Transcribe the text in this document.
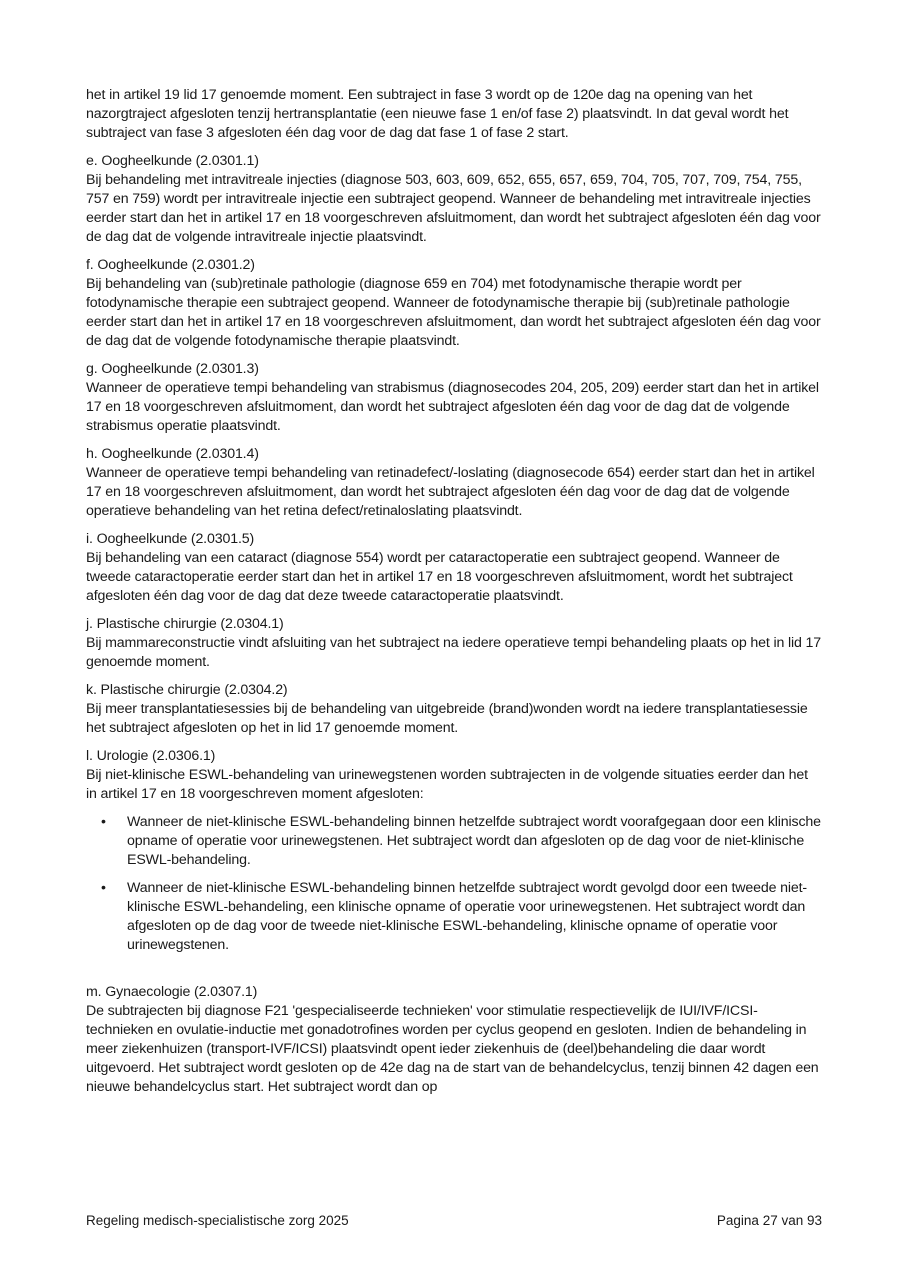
het in artikel 19 lid 17 genoemde moment. Een subtraject in fase 3 wordt op de 120e dag na opening van het nazorgtraject afgesloten tenzij hertransplantatie (een nieuwe fase 1 en/of fase 2) plaatsvindt. In dat geval wordt het subtraject van fase 3 afgesloten één dag voor de dag dat fase 1 of fase 2 start.

e. Oogheelkunde (2.0301.1)

Bij behandeling met intravitreale injecties (diagnose 503, 603, 609, 652, 655, 657, 659, 704, 705, 707, 709, 754, 755, 757 en 759) wordt per intravitreale injectie een subtraject geopend. Wanneer de behandeling met intravitreale injecties eerder start dan het in artikel 17 en 18 voorgeschreven afsluitmoment, dan wordt het subtraject afgesloten één dag voor de dag dat de volgende intravitreale injectie plaatsvindt.

f. Oogheelkunde (2.0301.2)

Bij behandeling van (sub)retinale pathologie (diagnose 659 en 704) met fotodynamische therapie wordt per fotodynamische therapie een subtraject geopend. Wanneer de fotodynamische therapie bij (sub)retinale pathologie eerder start dan het in artikel 17 en 18 voorgeschreven afsluitmoment, dan wordt het subtraject afgesloten één dag voor de dag dat de volgende fotodynamische therapie plaatsvindt.

g. Oogheelkunde (2.0301.3)

Wanneer de operatieve tempi behandeling van strabismus (diagnosecodes 204, 205, 209) eerder start dan het in artikel 17 en 18 voorgeschreven afsluitmoment, dan wordt het subtraject afgesloten één dag voor de dag dat de volgende strabismus operatie plaatsvindt.

h. Oogheelkunde (2.0301.4)

Wanneer de operatieve tempi behandeling van retinadefect/-loslating (diagnosecode 654) eerder start dan het in artikel 17 en 18 voorgeschreven afsluitmoment, dan wordt het subtraject afgesloten één dag voor de dag dat de volgende operatieve behandeling van het retina defect/retinaloslating plaatsvindt.

i. Oogheelkunde (2.0301.5)

Bij behandeling van een cataract (diagnose 554) wordt per cataractoperatie een subtraject geopend. Wanneer de tweede cataractoperatie eerder start dan het in artikel 17 en 18 voorgeschreven afsluitmoment, wordt het subtraject afgesloten één dag voor de dag dat deze tweede cataractoperatie plaatsvindt.

j. Plastische chirurgie (2.0304.1)

Bij mammareconstructie vindt afsluiting van het subtraject na iedere operatieve tempi behandeling plaats op het in lid 17 genoemde moment.

k. Plastische chirurgie (2.0304.2)

Bij meer transplantatiesessies bij de behandeling van uitgebreide (brand)wonden wordt na iedere transplantatiesessie het subtraject afgesloten op het in lid 17 genoemde moment.

l. Urologie (2.0306.1)

Bij niet-klinische ESWL-behandeling van urinewegstenen worden subtrajecten in de volgende situaties eerder dan het in artikel 17 en 18 voorgeschreven moment afgesloten:

• Wanneer de niet-klinische ESWL-behandeling binnen hetzelfde subtraject wordt voorafgegaan door een klinische opname of operatie voor urinewegstenen. Het subtraject wordt dan afgesloten op de dag voor de niet-klinische ESWL-behandeling.
• Wanneer de niet-klinische ESWL-behandeling binnen hetzelfde subtraject wordt gevolgd door een tweede niet-klinische ESWL-behandeling, een klinische opname of operatie voor urinewegstenen. Het subtraject wordt dan afgesloten op de dag voor de tweede niet-klinische ESWL-behandeling, klinische opname of operatie voor urinewegstenen.
m. Gynaecologie (2.0307.1)

De subtrajecten bij diagnose F21 'gespecialiseerde technieken' voor stimulatie respectievelijk de IUI/IVF/ICSI-technieken en ovulatie-inductie met gonadotrofines worden per cyclus geopend en gesloten. Indien de behandeling in meer ziekenhuizen (transport-IVF/ICSI) plaatsvindt opent ieder ziekenhuis de (deel)behandeling die daar wordt uitgevoerd. Het subtraject wordt gesloten op de 42e dag na de start van de behandelcyclus, tenzij binnen 42 dagen een nieuwe behandelcyclus start. Het subtraject wordt dan op

Regeling medisch-specialistische zorg 2025	Pagina 27 van 93
